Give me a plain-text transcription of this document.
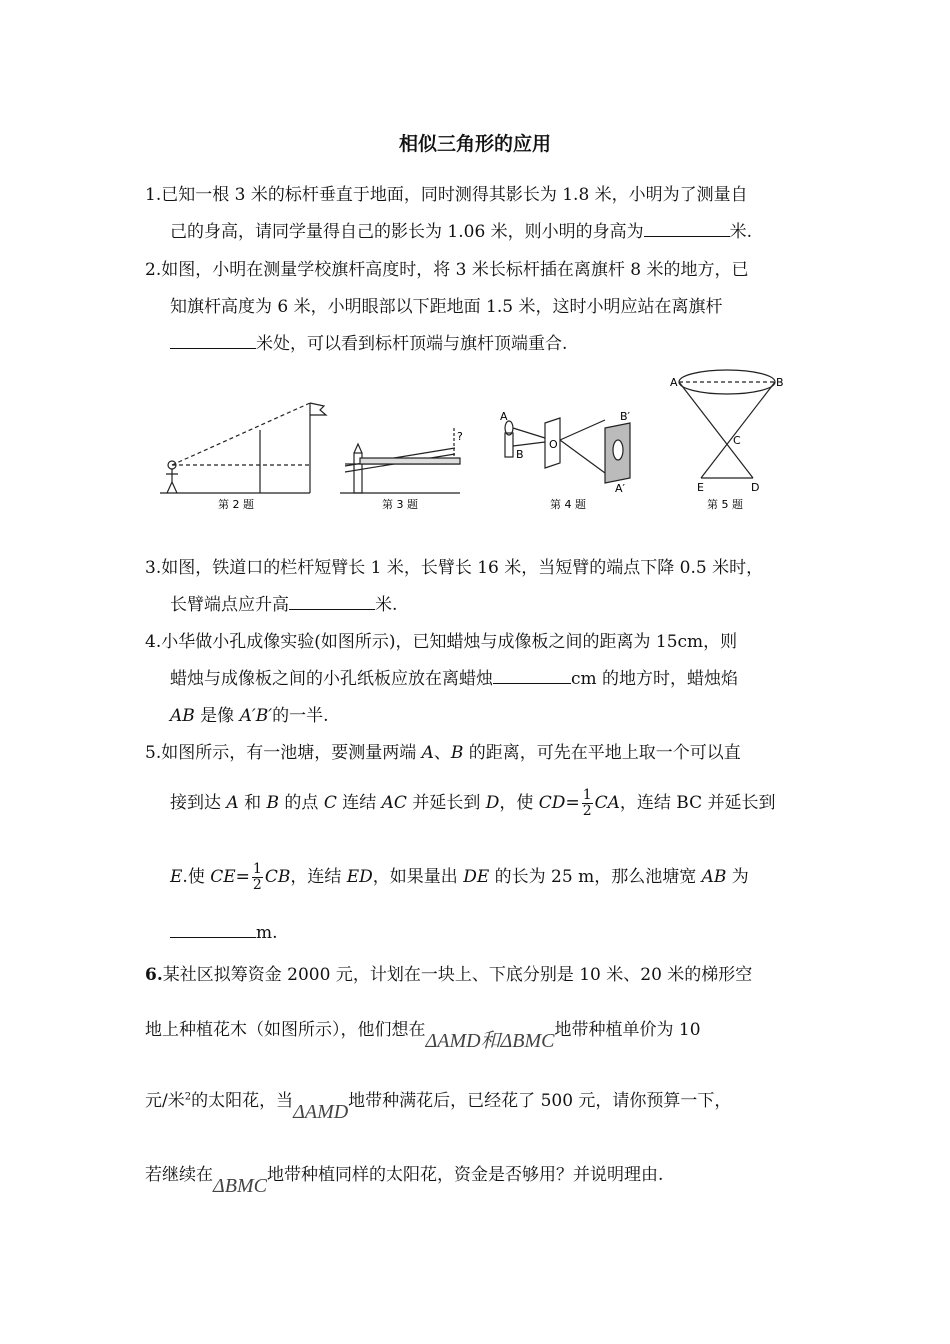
相似三角形的应用
1.已知一根 3 米的标杆垂直于地面，同时测得其影长为 1.8 米，小明为了测量自
己的身高，请同学量得自己的影长为 1.06 米，则小明的身高为	米.
2.如图，小明在测量学校旗杆高度时，将 3 米长标杆插在离旗杆 8 米的地方，已
知旗杆高度为 6 米，小明眼部以下距地面 1.5 米，这时小明应站在离旗杆
米处，可以看到标杆顶端与旗杆顶端重合.
第 2 题
?
第 3 题
A
B
O
B′
A′
第 4 题
A	B
C
E	D
第 5 题
3.如图，铁道口的栏杆短臂长 1 米，长臂长 16 米，当短臂的端点下降 0.5 米时，
长臂端点应升高	米.
4.小华做小孔成像实验(如图所示)，已知蜡烛与成像板之间的距离为 15cm，则
蜡烛与成像板之间的小孔纸板应放在离蜡烛	cm 的地方时，蜡烛焰
AB 是像 A′B′的一半.
5.如图所示，有一池塘，要测量两端 A、B 的距离，可先在平地上取一个可以直
接到达 A 和 B 的点 C 连结 AC 并延长到 D，使 $CD= \frac{1}{2}$ CA，连结 BC 并延长到
E.使 $CE= \frac{1}{2}$ CB，连结 ED，如果量出 DE 的长为 25 m，那么池塘宽 AB 为
m.
6.某社区拟筹资金 2000 元，计划在一块上、下底分别是 10 米、20 米的梯形空
地上种植花木（如图所示），他们想在ΔAMD和ΔBMC地带种植单价为 10
元/米$^2$的太阳花，当ΔAMD地带种满花后，已经花了 500 元，请你预算一下，
若继续在ΔBMC地带种植同样的太阳花，资金是否够用？并说明理由.
